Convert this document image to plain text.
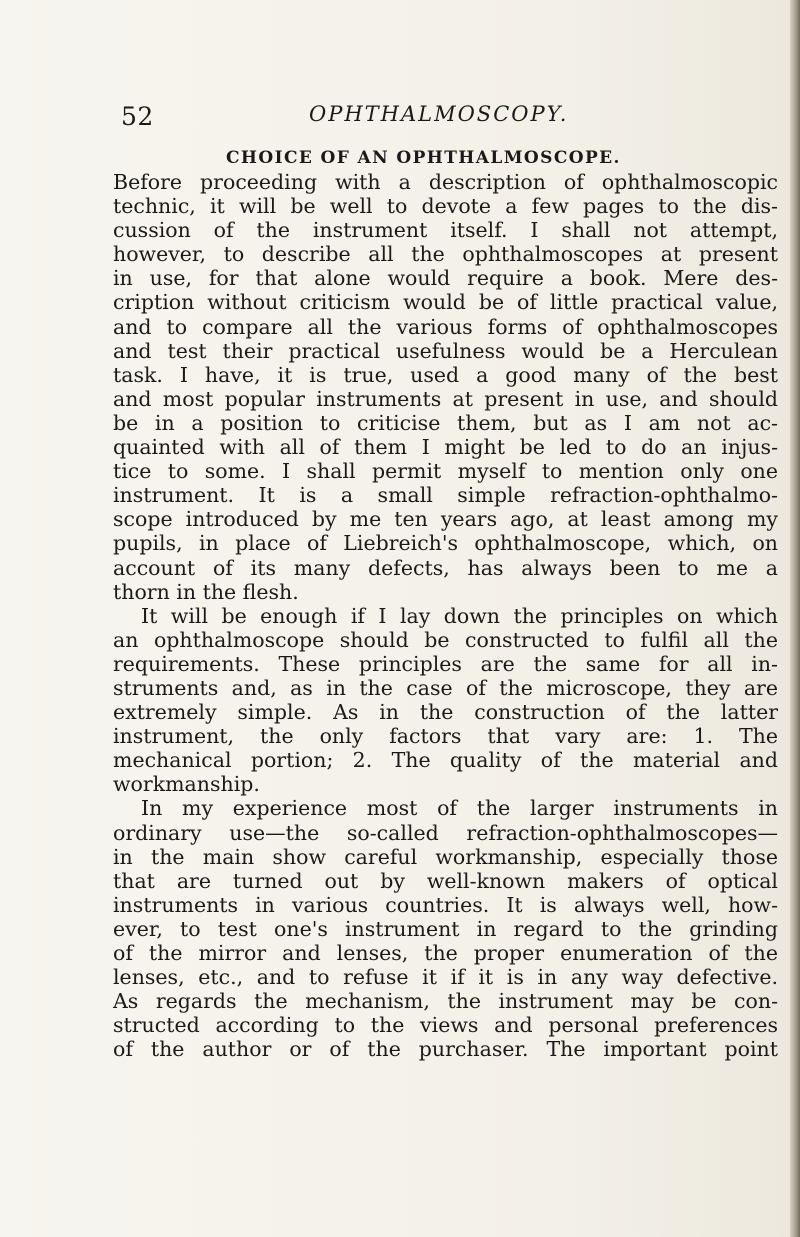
52	OPHTHALMOSCOPY.
CHOICE OF AN OPHTHALMOSCOPE.
Before proceeding with a description of ophthalmoscopic
technic, it will be well to devote a few pages to the dis-
cussion of the instrument itself. I shall not attempt,
however, to describe all the ophthalmoscopes at present
in use, for that alone would require a book. Mere des-
cription without criticism would be of little practical value,
and to compare all the various forms of ophthalmoscopes
and test their practical usefulness would be a Herculean
task. I have, it is true, used a good many of the best
and most popular instruments at present in use, and should
be in a position to criticise them, but as I am not ac-
quainted with all of them I might be led to do an injus-
tice to some. I shall permit myself to mention only one
instrument. It is a small simple refraction-ophthalmo-
scope introduced by me ten years ago, at least among my
pupils, in place of Liebreich's ophthalmoscope, which, on
account of its many defects, has always been to me a
thorn in the flesh.
It will be enough if I lay down the principles on which
an ophthalmoscope should be constructed to fulfil all the
requirements. These principles are the same for all in-
struments and, as in the case of the microscope, they are
extremely simple. As in the construction of the latter
instrument, the only factors that vary are: 1. The
mechanical portion; 2. The quality of the material and
workmanship.
In my experience most of the larger instruments in
ordinary use—the so-called refraction-ophthalmoscopes—
in the main show careful workmanship, especially those
that are turned out by well-known makers of optical
instruments in various countries. It is always well, how-
ever, to test one's instrument in regard to the grinding
of the mirror and lenses, the proper enumeration of the
lenses, etc., and to refuse it if it is in any way defective.
As regards the mechanism, the instrument may be con-
structed according to the views and personal preferences
of the author or of the purchaser. The important point
